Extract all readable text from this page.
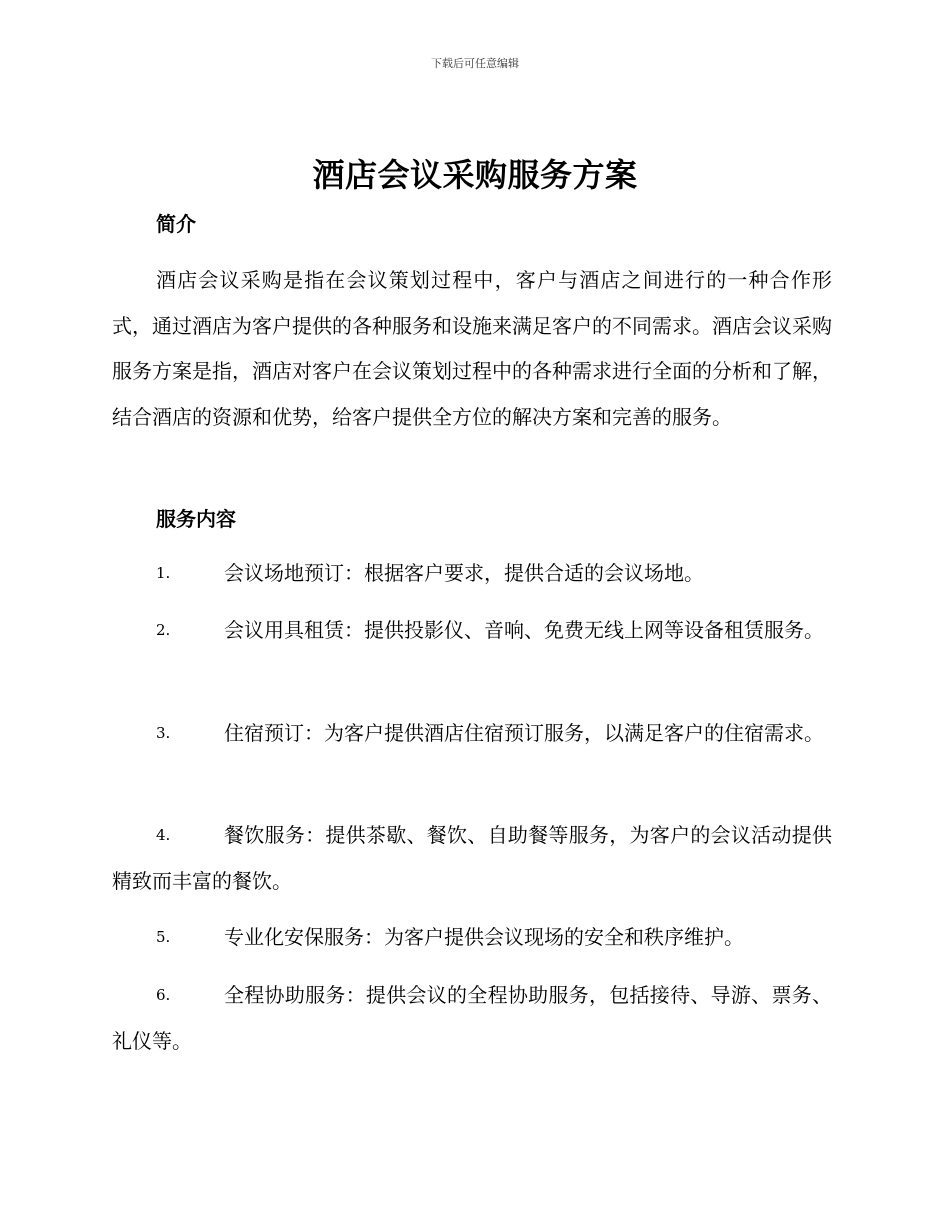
下载后可任意编辑
酒店会议采购服务方案
简介

酒店会议采购是指在会议策划过程中，客户与酒店之间进行的一种合作形式，通过酒店为客户提供的各种服务和设施来满足客户的不同需求。酒店会议采购服务方案是指，酒店对客户在会议策划过程中的各种需求进行全面的分析和了解，结合酒店的资源和优势，给客户提供全方位的解决方案和完善的服务。

服务内容
1.	会议场地预订：根据客户要求，提供合适的会议场地。
2.	会议用具租赁：提供投影仪、音响、免费无线上网等设备租赁服务。
3.	住宿预订：为客户提供酒店住宿预订服务，以满足客户的住宿需求。
4.	餐饮服务：提供茶歇、餐饮、自助餐等服务，为客户的会议活动提供精致而丰富的餐饮。
5.	专业化安保服务：为客户提供会议现场的安全和秩序维护。
6.	全程协助服务：提供会议的全程协助服务，包括接待、导游、票务、礼仪等。
